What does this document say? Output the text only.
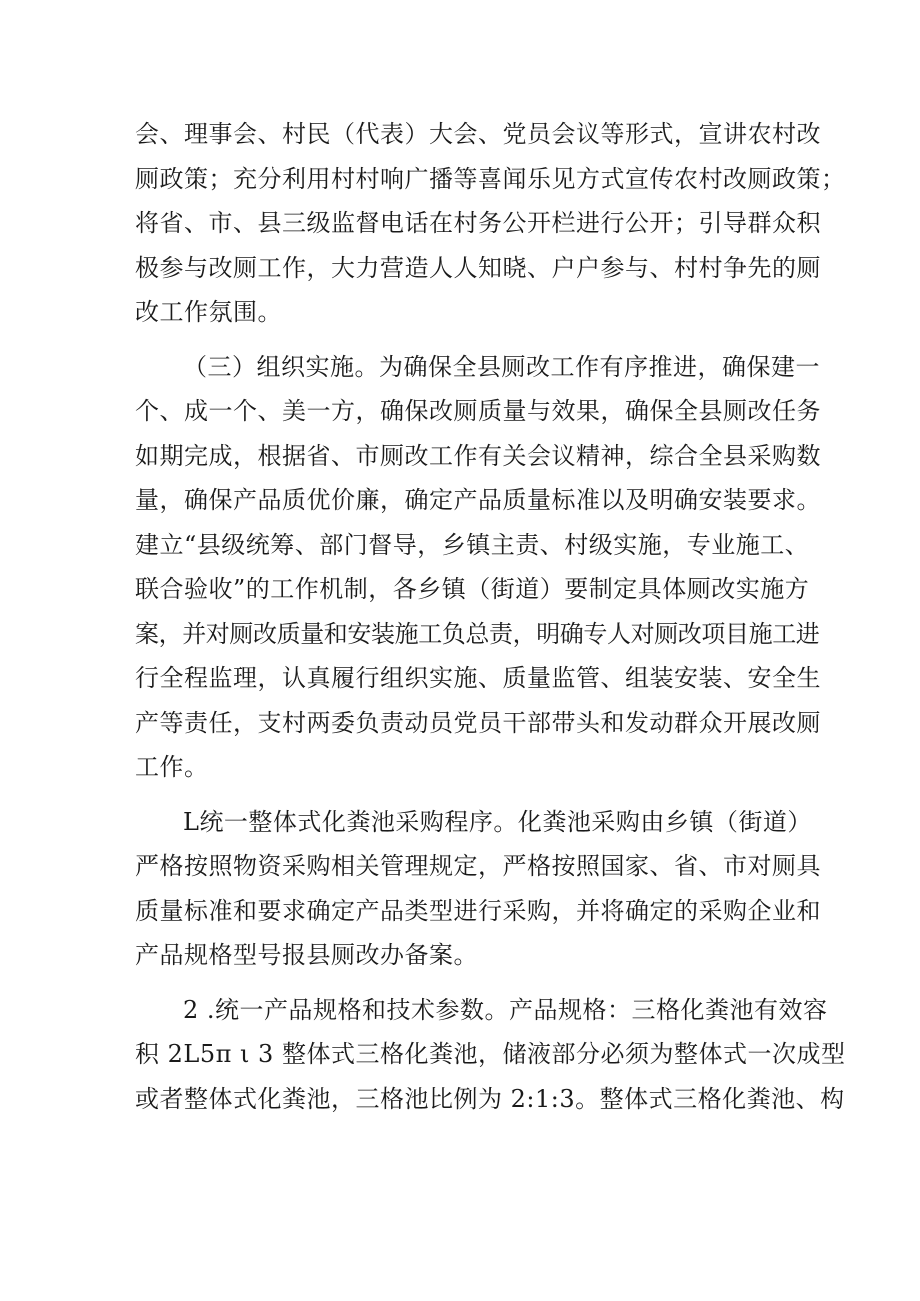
会、理事会、村民（代表）大会、党员会议等形式，宣讲农村改
厕政策；充分利用村村响广播等喜闻乐见方式宣传农村改厕政策；
将省、市、县三级监督电话在村务公开栏进行公开；引导群众积
极参与改厕工作，大力营造人人知晓、户户参与、村村争先的厕
改工作氛围。

（三）组织实施。为确保全县厕改工作有序推进，确保建一
个、成一个、美一方，确保改厕质量与效果，确保全县厕改任务
如期完成，根据省、市厕改工作有关会议精神，综合全县采购数
量，确保产品质优价廉，确定产品质量标准以及明确安装要求。
建立“县级统筹、部门督导，乡镇主责、村级实施，专业施工、
联合验收”的工作机制，各乡镇（街道）要制定具体厕改实施方
案，并对厕改质量和安装施工负总责，明确专人对厕改项目施工进
行全程监理，认真履行组织实施、质量监管、组装安装、安全生
产等责任，支村两委负责动员党员干部带头和发动群众开展改厕
工作。

L统一整体式化粪池采购程序。化粪池采购由乡镇（街道）
严格按照物资采购相关管理规定，严格按照国家、省、市对厕具
质量标准和要求确定产品类型进行采购，并将确定的采购企业和
产品规格型号报县厕改办备案。

2 .统一产品规格和技术参数。产品规格：三格化粪池有效容
积 2L5π ι 3 整体式三格化粪池，储液部分必须为整体式一次成型
或者整体式化粪池，三格池比例为 2:1:3。整体式三格化粪池、构
